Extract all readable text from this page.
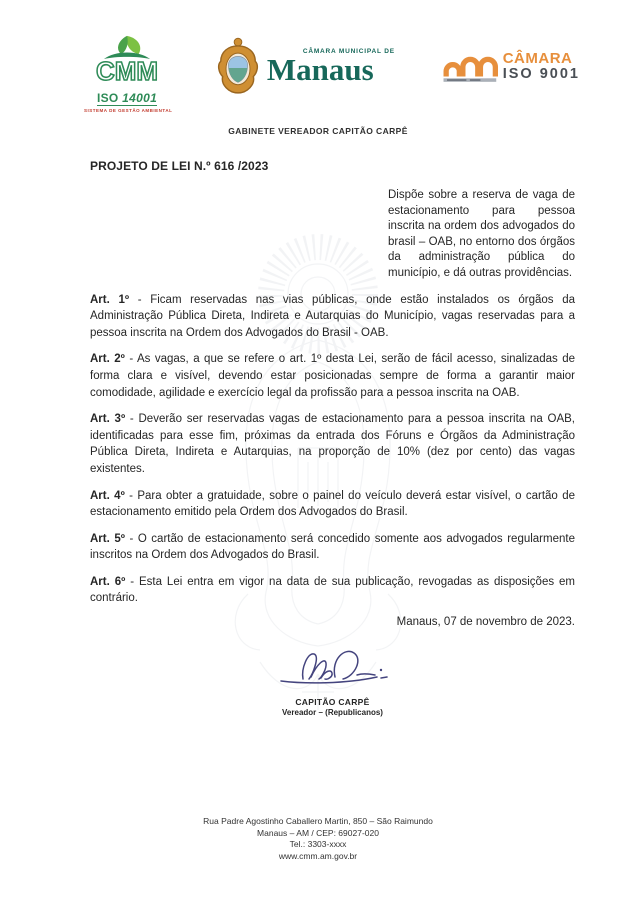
CMM
ISO 14001
SISTEMA DE GESTÃO AMBIENTAL
CÂMARA MUNICIPAL DE
Manaus	CÂMARA
ISO 9001
GABINETE VEREADOR CAPITÃO CARPÊ
PROJETO DE LEI N.º 616 /2023
Dispõe sobre a reserva de vaga de estacionamento para pessoa inscrita na ordem dos advogados do brasil – OAB, no entorno dos órgãos da administração pública do município, e dá outras providências.

Art. 1º - Ficam reservadas nas vias públicas, onde estão instalados os órgãos da Administração Pública Direta, Indireta e Autarquias do Município, vagas reservadas para a pessoa inscrita na Ordem dos Advogados do Brasil - OAB.

Art. 2º - As vagas, a que se refere o art. 1º desta Lei, serão de fácil acesso, sinalizadas de forma clara e visível, devendo estar posicionadas sempre de forma a garantir maior comodidade, agilidade e exercício legal da profissão para a pessoa inscrita na OAB.

Art. 3º - Deverão ser reservadas vagas de estacionamento para a pessoa inscrita na OAB, identificadas para esse fim, próximas da entrada dos Fóruns e Órgãos da Administração Pública Direta, Indireta e Autarquias, na proporção de 10% (dez por cento) das vagas existentes.

Art. 4º - Para obter a gratuidade, sobre o painel do veículo deverá estar visível, o cartão de estacionamento emitido pela Ordem dos Advogados do Brasil.

Art. 5º - O cartão de estacionamento será concedido somente aos advogados regularmente inscritos na Ordem dos Advogados do Brasil.

Art. 6º - Esta Lei entra em vigor na data de sua publicação, revogadas as disposições em contrário.

Manaus, 07 de novembro de 2023.
CAPITÃO CARPÊ
Vereador – (Republicanos)
Rua Padre Agostinho Caballero Martin, 850 – São Raimundo
Manaus – AM / CEP: 69027-020
Tel.: 3303-xxxx
www.cmm.am.gov.br
